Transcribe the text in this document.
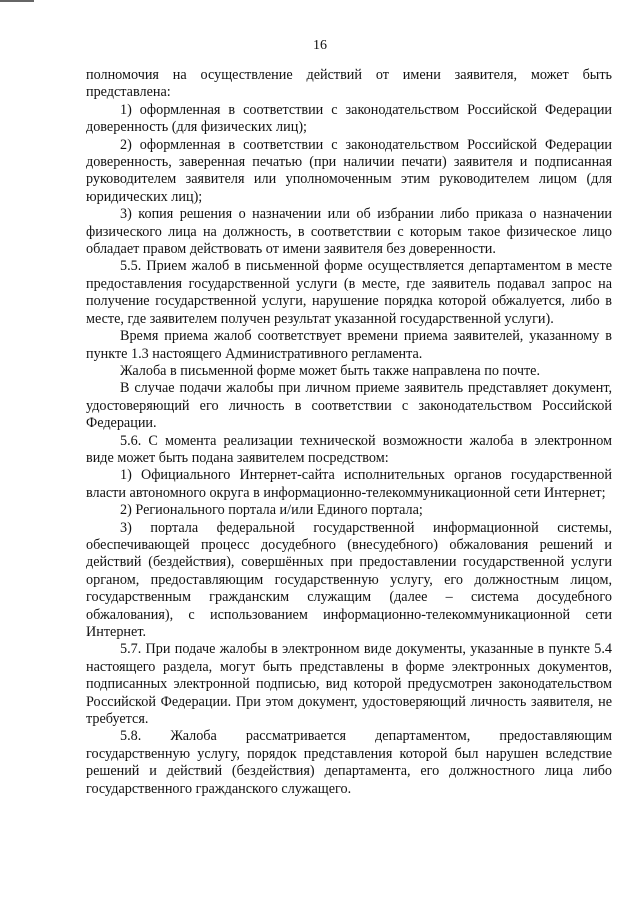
16

полномочия на осуществление действий от имени заявителя, может быть представлена:

1) оформленная в соответствии с законодательством Российской Федерации доверенность (для физических лиц);

2) оформленная в соответствии с законодательством Российской Федерации доверенность, заверенная печатью (при наличии печати) заявителя и подписанная руководителем заявителя или уполномоченным этим руководителем лицом (для юридических лиц);

3) копия решения о назначении или об избрании либо приказа о назначении физического лица на должность, в соответствии с которым такое физическое лицо обладает правом действовать от имени заявителя без доверенности.

5.5. Прием жалоб в письменной форме осуществляется департаментом в месте предоставления государственной услуги (в месте, где заявитель подавал запрос на получение государственной услуги, нарушение порядка которой обжалуется, либо в месте, где заявителем получен результат указанной государственной услуги).

Время приема жалоб соответствует времени приема заявителей, указанному в пункте 1.3 настоящего Административного регламента.

Жалоба в письменной форме может быть также направлена по почте.

В случае подачи жалобы при личном приеме заявитель представляет документ, удостоверяющий его личность в соответствии с законодательством Российской Федерации.

5.6. С момента реализации технической возможности жалоба в электронном виде может быть подана заявителем посредством:

1) Официального Интернет-сайта исполнительных органов государственной власти автономного округа в информационно-телекоммуникационной сети Интернет;

2) Регионального портала и/или Единого портала;

3) портала федеральной государственной информационной системы, обеспечивающей процесс досудебного (внесудебного) обжалования решений и действий (бездействия), совершённых при предоставлении государственной услуги органом, предоставляющим государственную услугу, его должностным лицом, государственным гражданским служащим (далее – система досудебного обжалования), с использованием информационно-телекоммуникационной сети Интернет.

5.7. При подаче жалобы в электронном виде документы, указанные в пункте 5.4 настоящего раздела, могут быть представлены в форме электронных документов, подписанных электронной подписью, вид которой предусмотрен законодательством Российской Федерации. При этом документ, удостоверяющий личность заявителя, не требуется.

5.8. Жалоба рассматривается департаментом, предоставляющим государственную услугу, порядок представления которой был нарушен вследствие решений и действий (бездействия) департамента, его должностного лица либо государственного гражданского служащего.
